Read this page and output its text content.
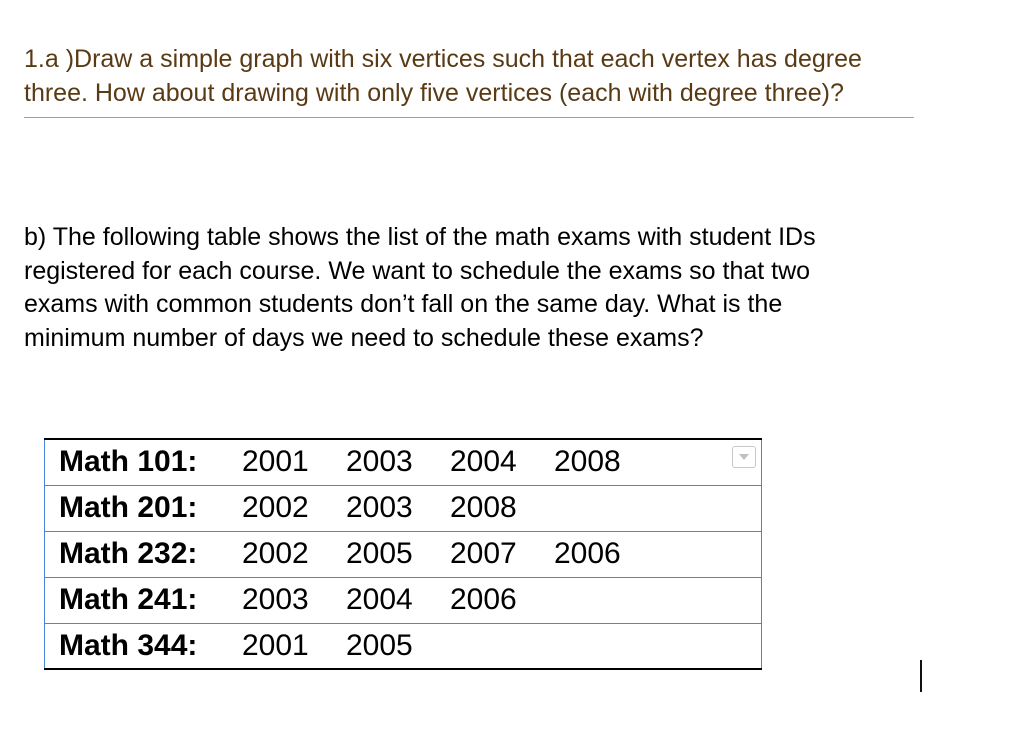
1.a )Draw a simple graph with six vertices such that each vertex has degree
three. How about drawing with only five vertices (each with degree three)?

b) The following table shows the list of the math exams with student IDs

registered for each course. We want to schedule the exams so that two

exams with common students don’t fall on the same day. What is the

minimum number of days we need to schedule these exams?

Math 101:	2001	2003	2004	2008	
Math 201:	2002	2003	2008		
Math 232:	2002	2005	2007	2006	
Math 241:	2003	2004	2006		
Math 344:	2001	2005			
